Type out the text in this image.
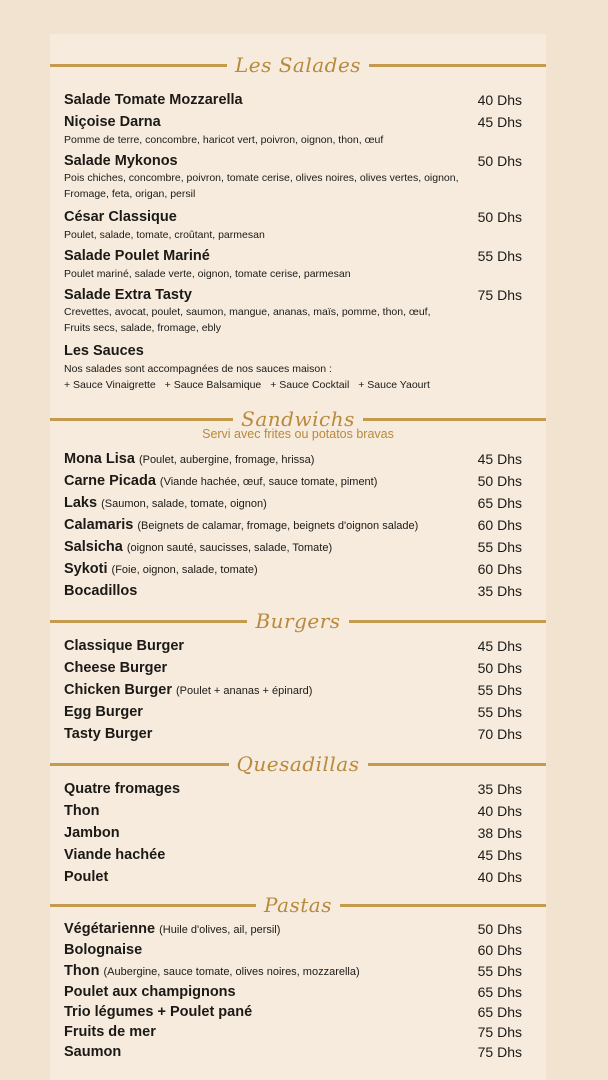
Les Salades
Salade Tomate Mozzarella	40 Dhs
Niçoise Darna	45 Dhs
Pomme de terre, concombre, haricot vert, poivron, oignon, thon, œuf
Salade Mykonos	50 Dhs
Pois chiches, concombre, poivron, tomate cerise, olives noires, olives vertes, oignon,
Fromage, feta, origan, persil
César Classique	50 Dhs
Poulet, salade, tomate, croûtant, parmesan
Salade Poulet Mariné	55 Dhs
Poulet mariné, salade verte, oignon, tomate cerise, parmesan
Salade Extra Tasty	75 Dhs
Crevettes, avocat, poulet, saumon, mangue, ananas, maïs, pomme, thon, œuf,
Fruits secs, salade, fromage, ebly
Les Sauces
Nos salades sont accompagnées de nos sauces maison :
+ Sauce Vinaigrette + Sauce Balsamique + Sauce Cocktail + Sauce Yaourt
Sandwichs
Servi avec frites ou potatos bravas
Mona Lisa (Poulet, aubergine, fromage, hrissa)	45 Dhs
Carne Picada (Viande hachée, œuf, sauce tomate, piment)	50 Dhs
Laks (Saumon, salade, tomate, oignon)	65 Dhs
Calamaris (Beignets de calamar, fromage, beignets d'oignon salade)	60 Dhs
Salsicha (oignon sauté, saucisses, salade, Tomate)	55 Dhs
Sykoti (Foie, oignon, salade, tomate)	60 Dhs
Bocadillos	35 Dhs
Burgers
Classique Burger	45 Dhs
Cheese Burger	50 Dhs
Chicken Burger (Poulet + ananas + épinard)	55 Dhs
Egg Burger	55 Dhs
Tasty Burger	70 Dhs
Quesadillas
Quatre fromages	35 Dhs
Thon	40 Dhs
Jambon	38 Dhs
Viande hachée	45 Dhs
Poulet	40 Dhs
Pastas
Végétarienne (Huile d'olives, ail, persil)	50 Dhs
Bolognaise	60 Dhs
Thon (Aubergine, sauce tomate, olives noires, mozzarella)	55 Dhs
Poulet aux champignons	65 Dhs
Trio légumes + Poulet pané	65 Dhs
Fruits de mer	75 Dhs
Saumon	75 Dhs
